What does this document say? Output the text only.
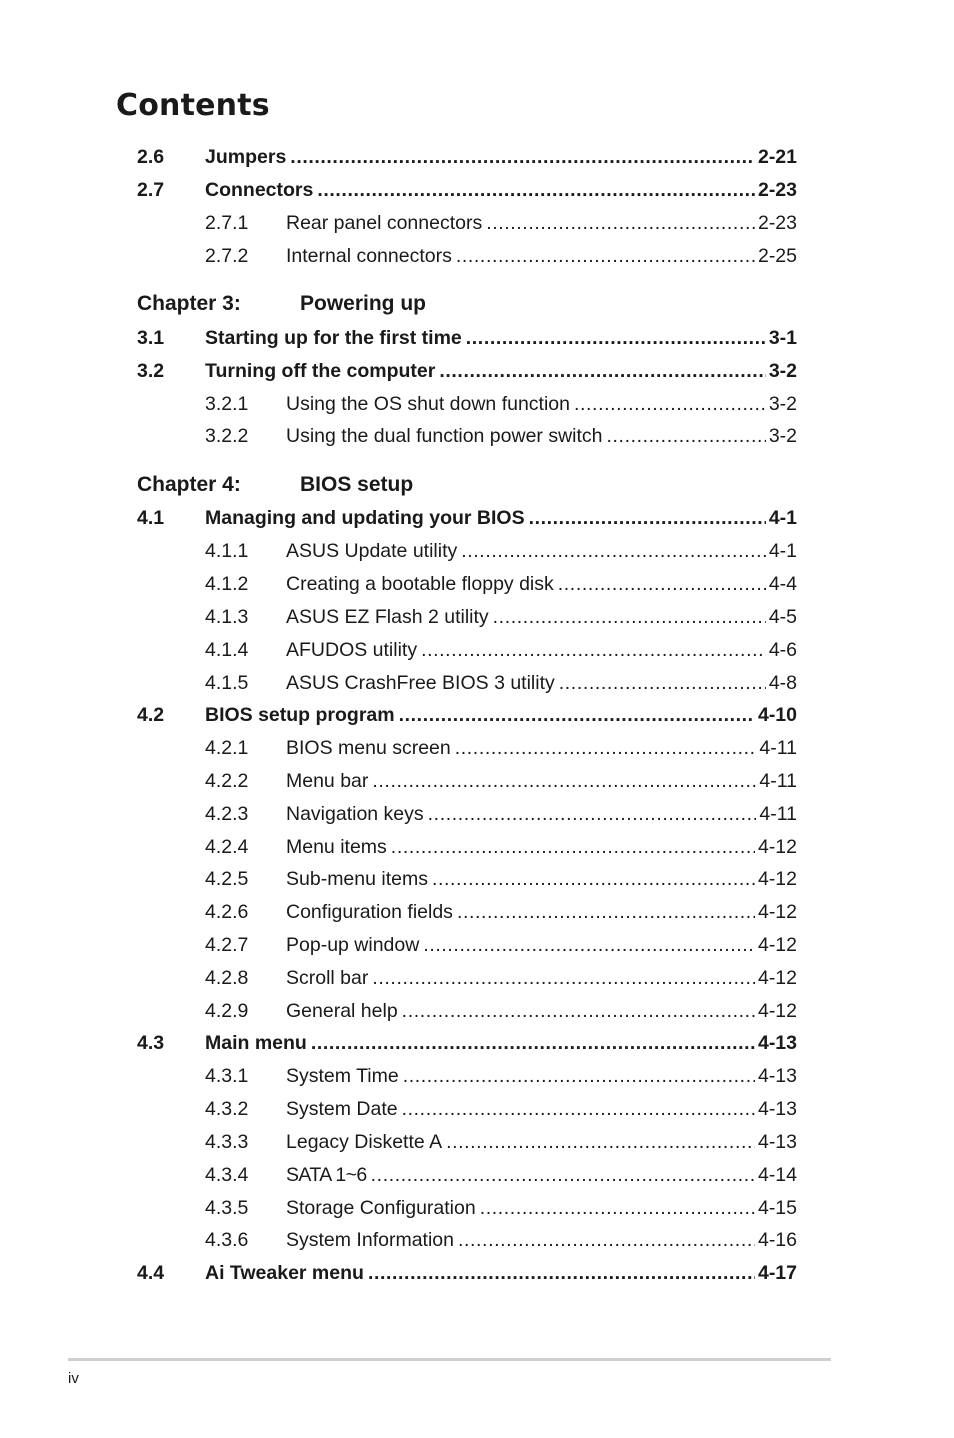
Contents
2.6	Jumpers .....	2-21
2.7	Connectors .....	2-23
2.7.1	Rear panel connectors .....	2-23
2.7.2	Internal connectors .....	2-25
Chapter 3:	Powering up
3.1	Starting up for the first time .....	3-1
3.2	Turning off the computer .....	3-2
3.2.1	Using the OS shut down function .....	3-2
3.2.2	Using the dual function power switch .....	3-2
Chapter 4:	BIOS setup
4.1	Managing and updating your BIOS .....	4-1
4.1.1	ASUS Update utility .....	4-1
4.1.2	Creating a bootable floppy disk .....	4-4
4.1.3	ASUS EZ Flash 2 utility .....	4-5
4.1.4	AFUDOS utility .....	4-6
4.1.5	ASUS CrashFree BIOS 3 utility .....	4-8
4.2	BIOS setup program .....	4-10
4.2.1	BIOS menu screen .....	4-11
4.2.2	Menu bar .....	4-11
4.2.3	Navigation keys .....	4-11
4.2.4	Menu items .....	4-12
4.2.5	Sub-menu items .....	4-12
4.2.6	Configuration fields .....	4-12
4.2.7	Pop-up window .....	4-12
4.2.8	Scroll bar .....	4-12
4.2.9	General help .....	4-12
4.3	Main menu .....	4-13
4.3.1	System Time .....	4-13
4.3.2	System Date .....	4-13
4.3.3	Legacy Diskette A .....	4-13
4.3.4	SATA 1~6 .....	4-14
4.3.5	Storage Configuration .....	4-15
4.3.6	System Information .....	4-16
4.4	Ai Tweaker menu .....	4-17
iv
